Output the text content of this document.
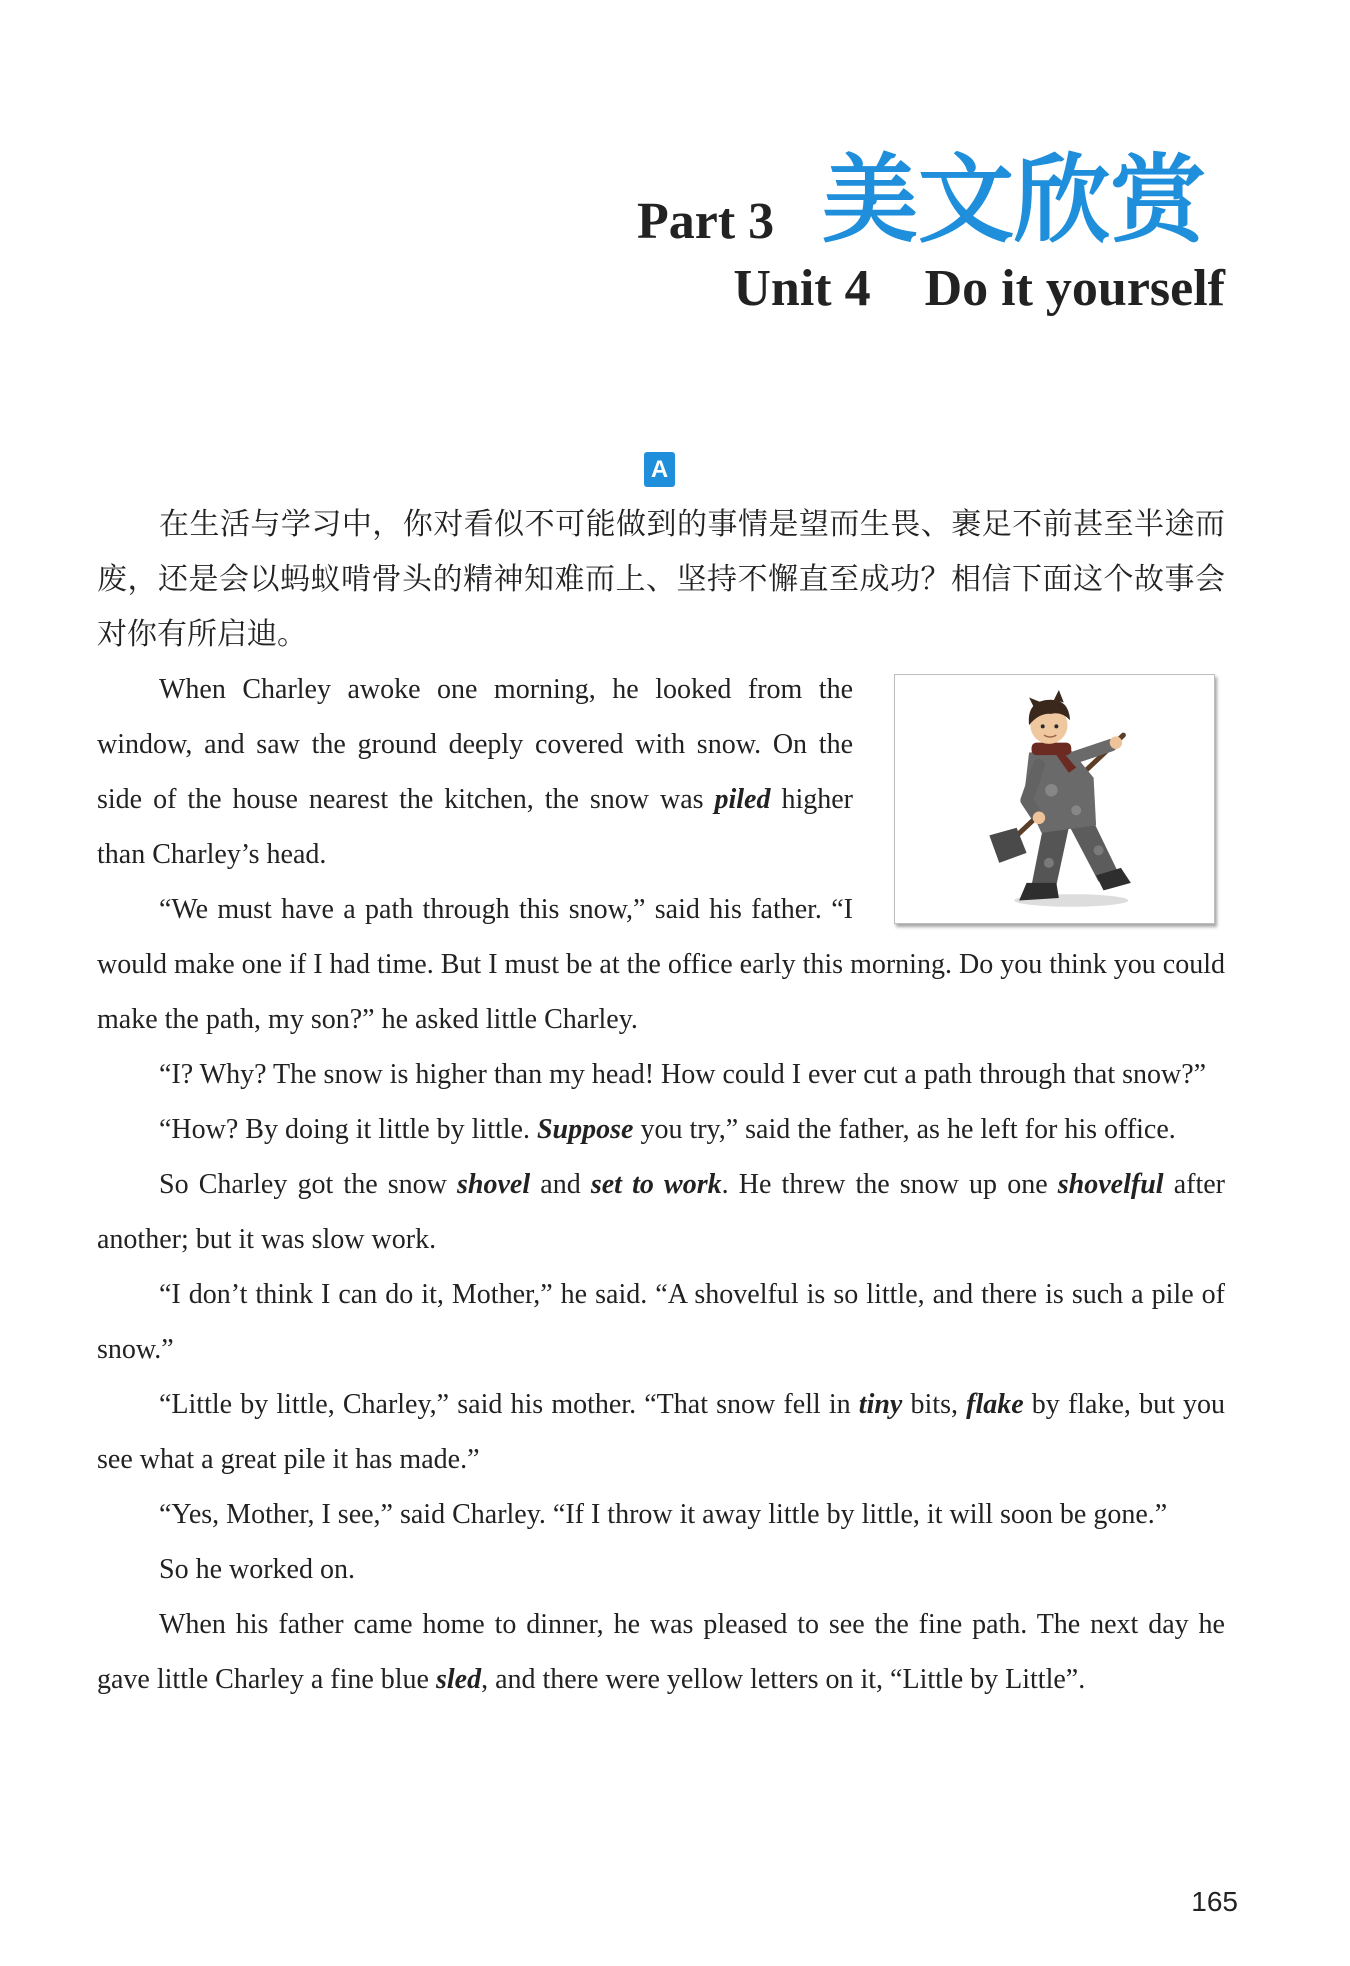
Part 3 美文欣赏
Unit 4 Do it yourself
A

在生活与学习中，你对看似不可能做到的事情是望而生畏、裹足不前甚至半途而废，还是会以蚂蚁啃骨头的精神知难而上、坚持不懈直至成功？相信下面这个故事会对你有所启迪。

When Charley awoke one morning, he looked from the window, and saw the ground deeply covered with snow. On the side of the house nearest the kitchen, the snow was piled higher than Charley’s head.

“We must have a path through this snow,” said his father. “I would make one if I had time. But I must be at the office early this morning. Do you think you could make the path, my son?” he asked little Charley.

“I? Why? The snow is higher than my head! How could I ever cut a path through that snow?”

“How? By doing it little by little. Suppose you try,” said the father, as he left for his office.

So Charley got the snow shovel and set to work. He threw the snow up one shovelful after another; but it was slow work.

“I don’t think I can do it, Mother,” he said. “A shovelful is so little, and there is such a pile of snow.”

“Little by little, Charley,” said his mother. “That snow fell in tiny bits, flake by flake, but you see what a great pile it has made.”

“Yes, Mother, I see,” said Charley. “If I throw it away little by little, it will soon be gone.”

So he worked on.

When his father came home to dinner, he was pleased to see the fine path. The next day he gave little Charley a fine blue sled, and there were yellow letters on it, “Little by Little”.

165
